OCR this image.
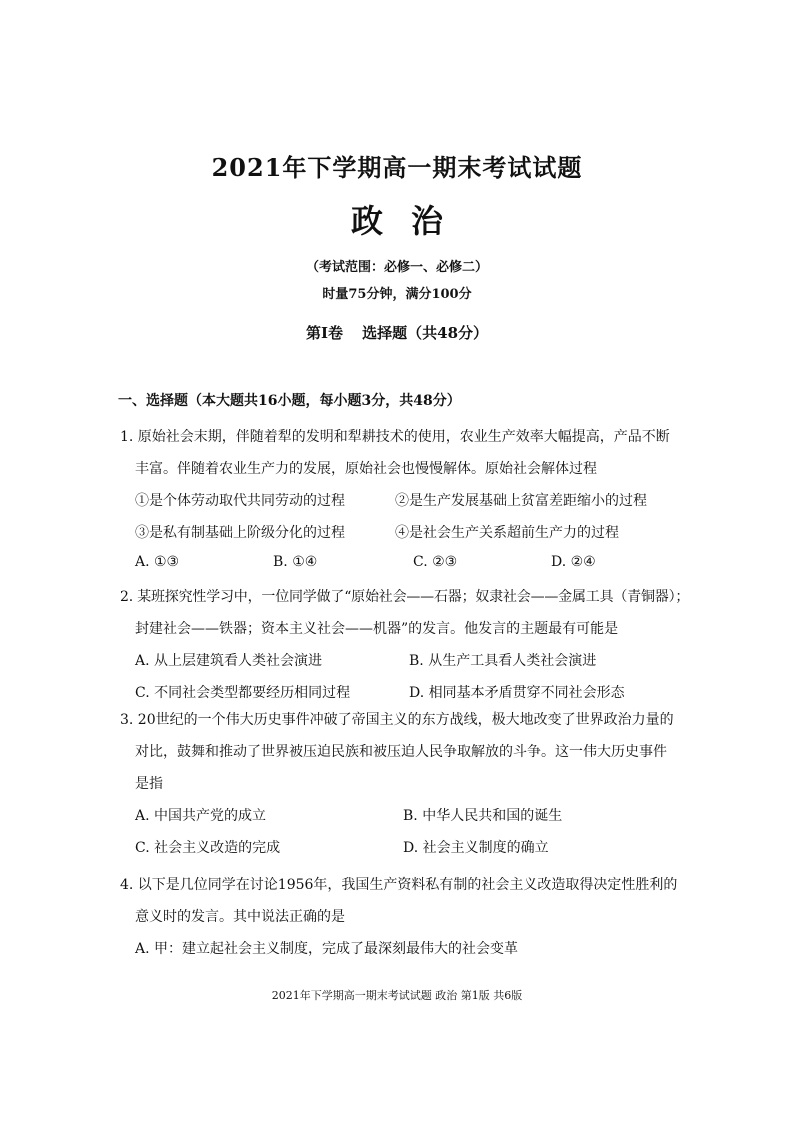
2021年下学期高一期末考试试题
政治
（考试范围：必修一、必修二）
时量75分钟，满分100分
第Ⅰ卷 选择题（共48分）
一、选择题（本大题共16小题，每小题3分，共48分）
1. 原始社会末期，伴随着犁的发明和犁耕技术的使用，农业生产效率大幅提高，产品不断
丰富。伴随着农业生产力的发展，原始社会也慢慢解体。原始社会解体过程
①是个体劳动取代共同劳动的过程	②是生产发展基础上贫富差距缩小的过程
③是私有制基础上阶级分化的过程	④是社会生产关系超前生产力的过程
A. ①③	B. ①④	C. ②③	D. ②④
2. 某班探究性学习中，一位同学做了“原始社会——石器；奴隶社会——金属工具（青铜器）；
封建社会——铁器；资本主义社会——机器”的发言。他发言的主题最有可能是
A. 从上层建筑看人类社会演进	B. 从生产工具看人类社会演进
C. 不同社会类型都要经历相同过程	D. 相同基本矛盾贯穿不同社会形态
3. 20世纪的一个伟大历史事件冲破了帝国主义的东方战线，极大地改变了世界政治力量的
对比，鼓舞和推动了世界被压迫民族和被压迫人民争取解放的斗争。这一伟大历史事件
是指
A. 中国共产党的成立	B. 中华人民共和国的诞生
C. 社会主义改造的完成	D. 社会主义制度的确立
4. 以下是几位同学在讨论1956年，我国生产资料私有制的社会主义改造取得决定性胜利的
意义时的发言。其中说法正确的是
A. 甲：建立起社会主义制度，完成了最深刻最伟大的社会变革
2021年下学期高一期末考试试题 政治 第1版 共6版
